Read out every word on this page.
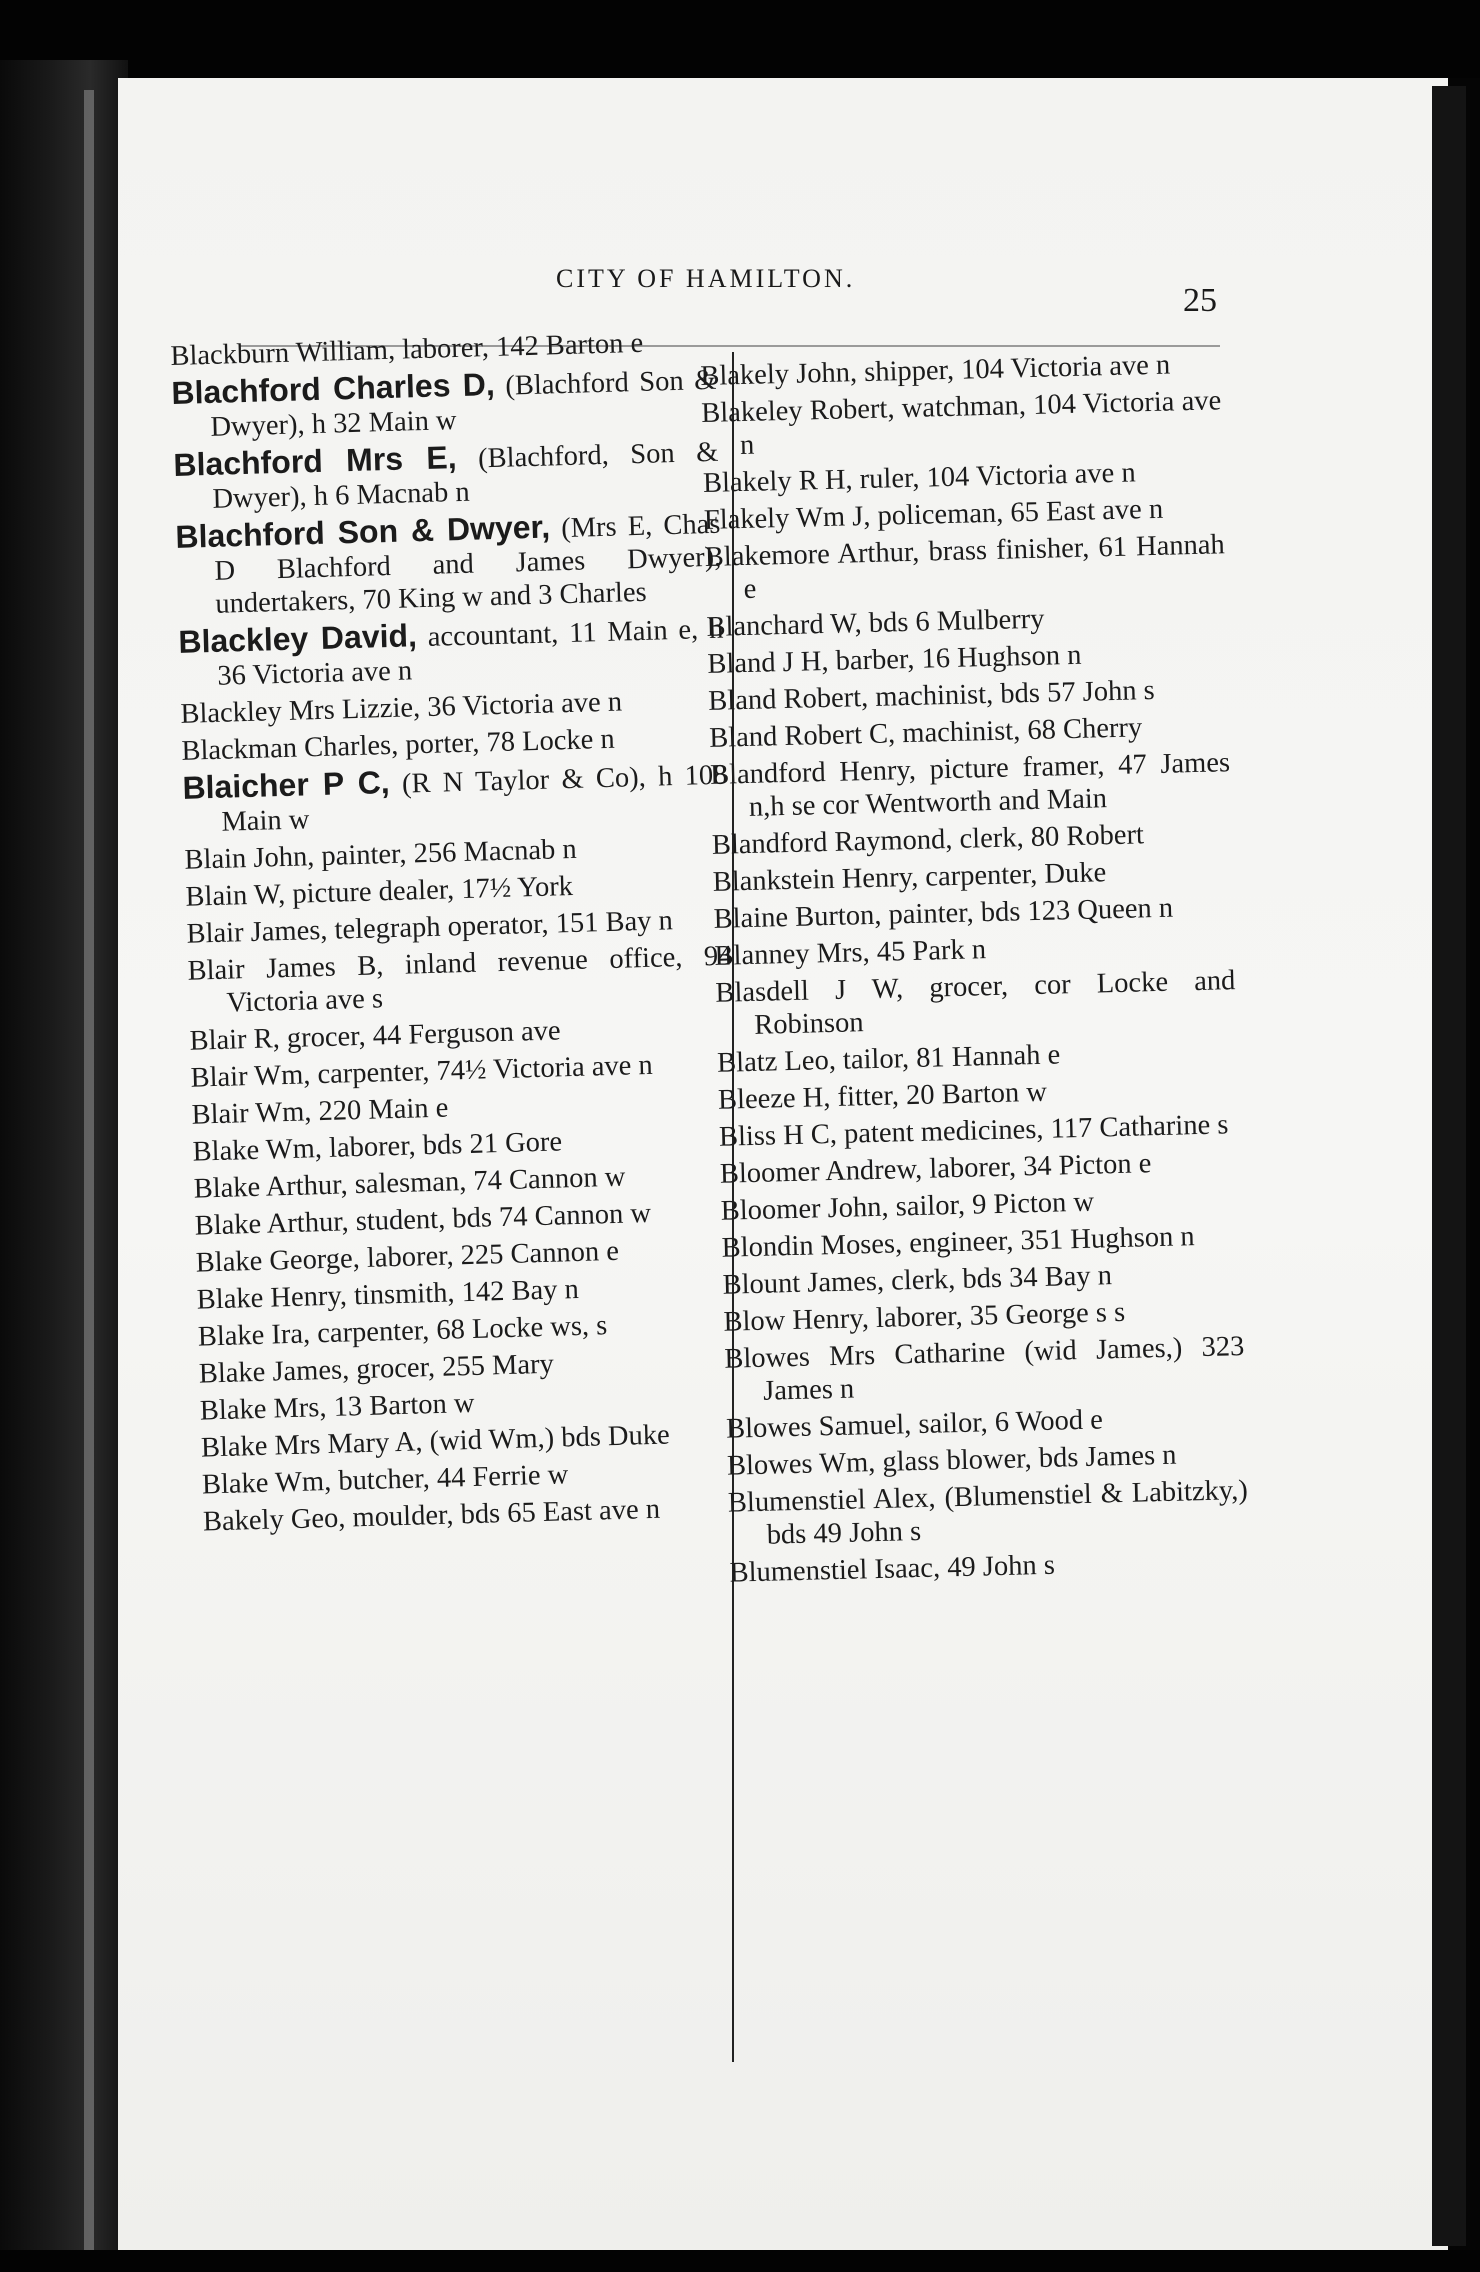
CITY OF HAMILTON.
25

Blackburn William, laborer, 142 Barton e

Blachford Charles D, (Blachford Son & Dwyer), h 32 Main w

Blachford Mrs E, (Blachford, Son & Dwyer), h 6 Macnab n

Blachford Son & Dwyer, (Mrs E, Chas D Blachford and James Dwyer), undertakers, 70 King w and 3 Charles

Blackley David, accountant, 11 Main e, h 36 Victoria ave n

Blackley Mrs Lizzie, 36 Victoria ave n

Blackman Charles, porter, 78 Locke n

Blaicher P C, (R N Taylor & Co), h 108 Main w

Blain John, painter, 256 Macnab n

Blain W, picture dealer, 17½ York

Blair James, telegraph operator, 151 Bay n

Blair James B, inland revenue office, 94 Victoria ave s

Blair R, grocer, 44 Ferguson ave

Blair Wm, carpenter, 74½ Victoria ave n

Blair Wm, 220 Main e

Blake Wm, laborer, bds 21 Gore

Blake Arthur, salesman, 74 Cannon w

Blake Arthur, student, bds 74 Cannon w

Blake George, laborer, 225 Cannon e

Blake Henry, tinsmith, 142 Bay n

Blake Ira, carpenter, 68 Locke ws, s

Blake James, grocer, 255 Mary

Blake Mrs, 13 Barton w

Blake Mrs Mary A, (wid Wm,) bds Duke

Blake Wm, butcher, 44 Ferrie w

Bakely Geo, moulder, bds 65 East ave n

Blakely John, shipper, 104 Victoria ave n

Blakeley Robert, watchman, 104 Victoria ave n

Blakely R H, ruler, 104 Victoria ave n

Flakely Wm J, policeman, 65 East ave n

Blakemore Arthur, brass finisher, 61 Hannah e

Blanchard W, bds 6 Mulberry

Bland J H, barber, 16 Hughson n

Bland Robert, machinist, bds 57 John s

Bland Robert C, machinist, 68 Cherry

Blandford Henry, picture framer, 47 James n,h se cor Wentworth and Main

Blandford Raymond, clerk, 80 Robert

Blankstein Henry, carpenter, Duke

Blaine Burton, painter, bds 123 Queen n

Blanney Mrs, 45 Park n

Blasdell J W, grocer, cor Locke and Robinson

Blatz Leo, tailor, 81 Hannah e

Bleeze H, fitter, 20 Barton w

Bliss H C, patent medicines, 117 Catharine s

Bloomer Andrew, laborer, 34 Picton e

Bloomer John, sailor, 9 Picton w

Blondin Moses, engineer, 351 Hughson n

Blount James, clerk, bds 34 Bay n

Blow Henry, laborer, 35 George s s

Blowes Mrs Catharine (wid James,) 323 James n

Blowes Samuel, sailor, 6 Wood e

Blowes Wm, glass blower, bds James n

Blumenstiel Alex, (Blumenstiel & Labitzky,) bds 49 John s

Blumenstiel Isaac, 49 John s
